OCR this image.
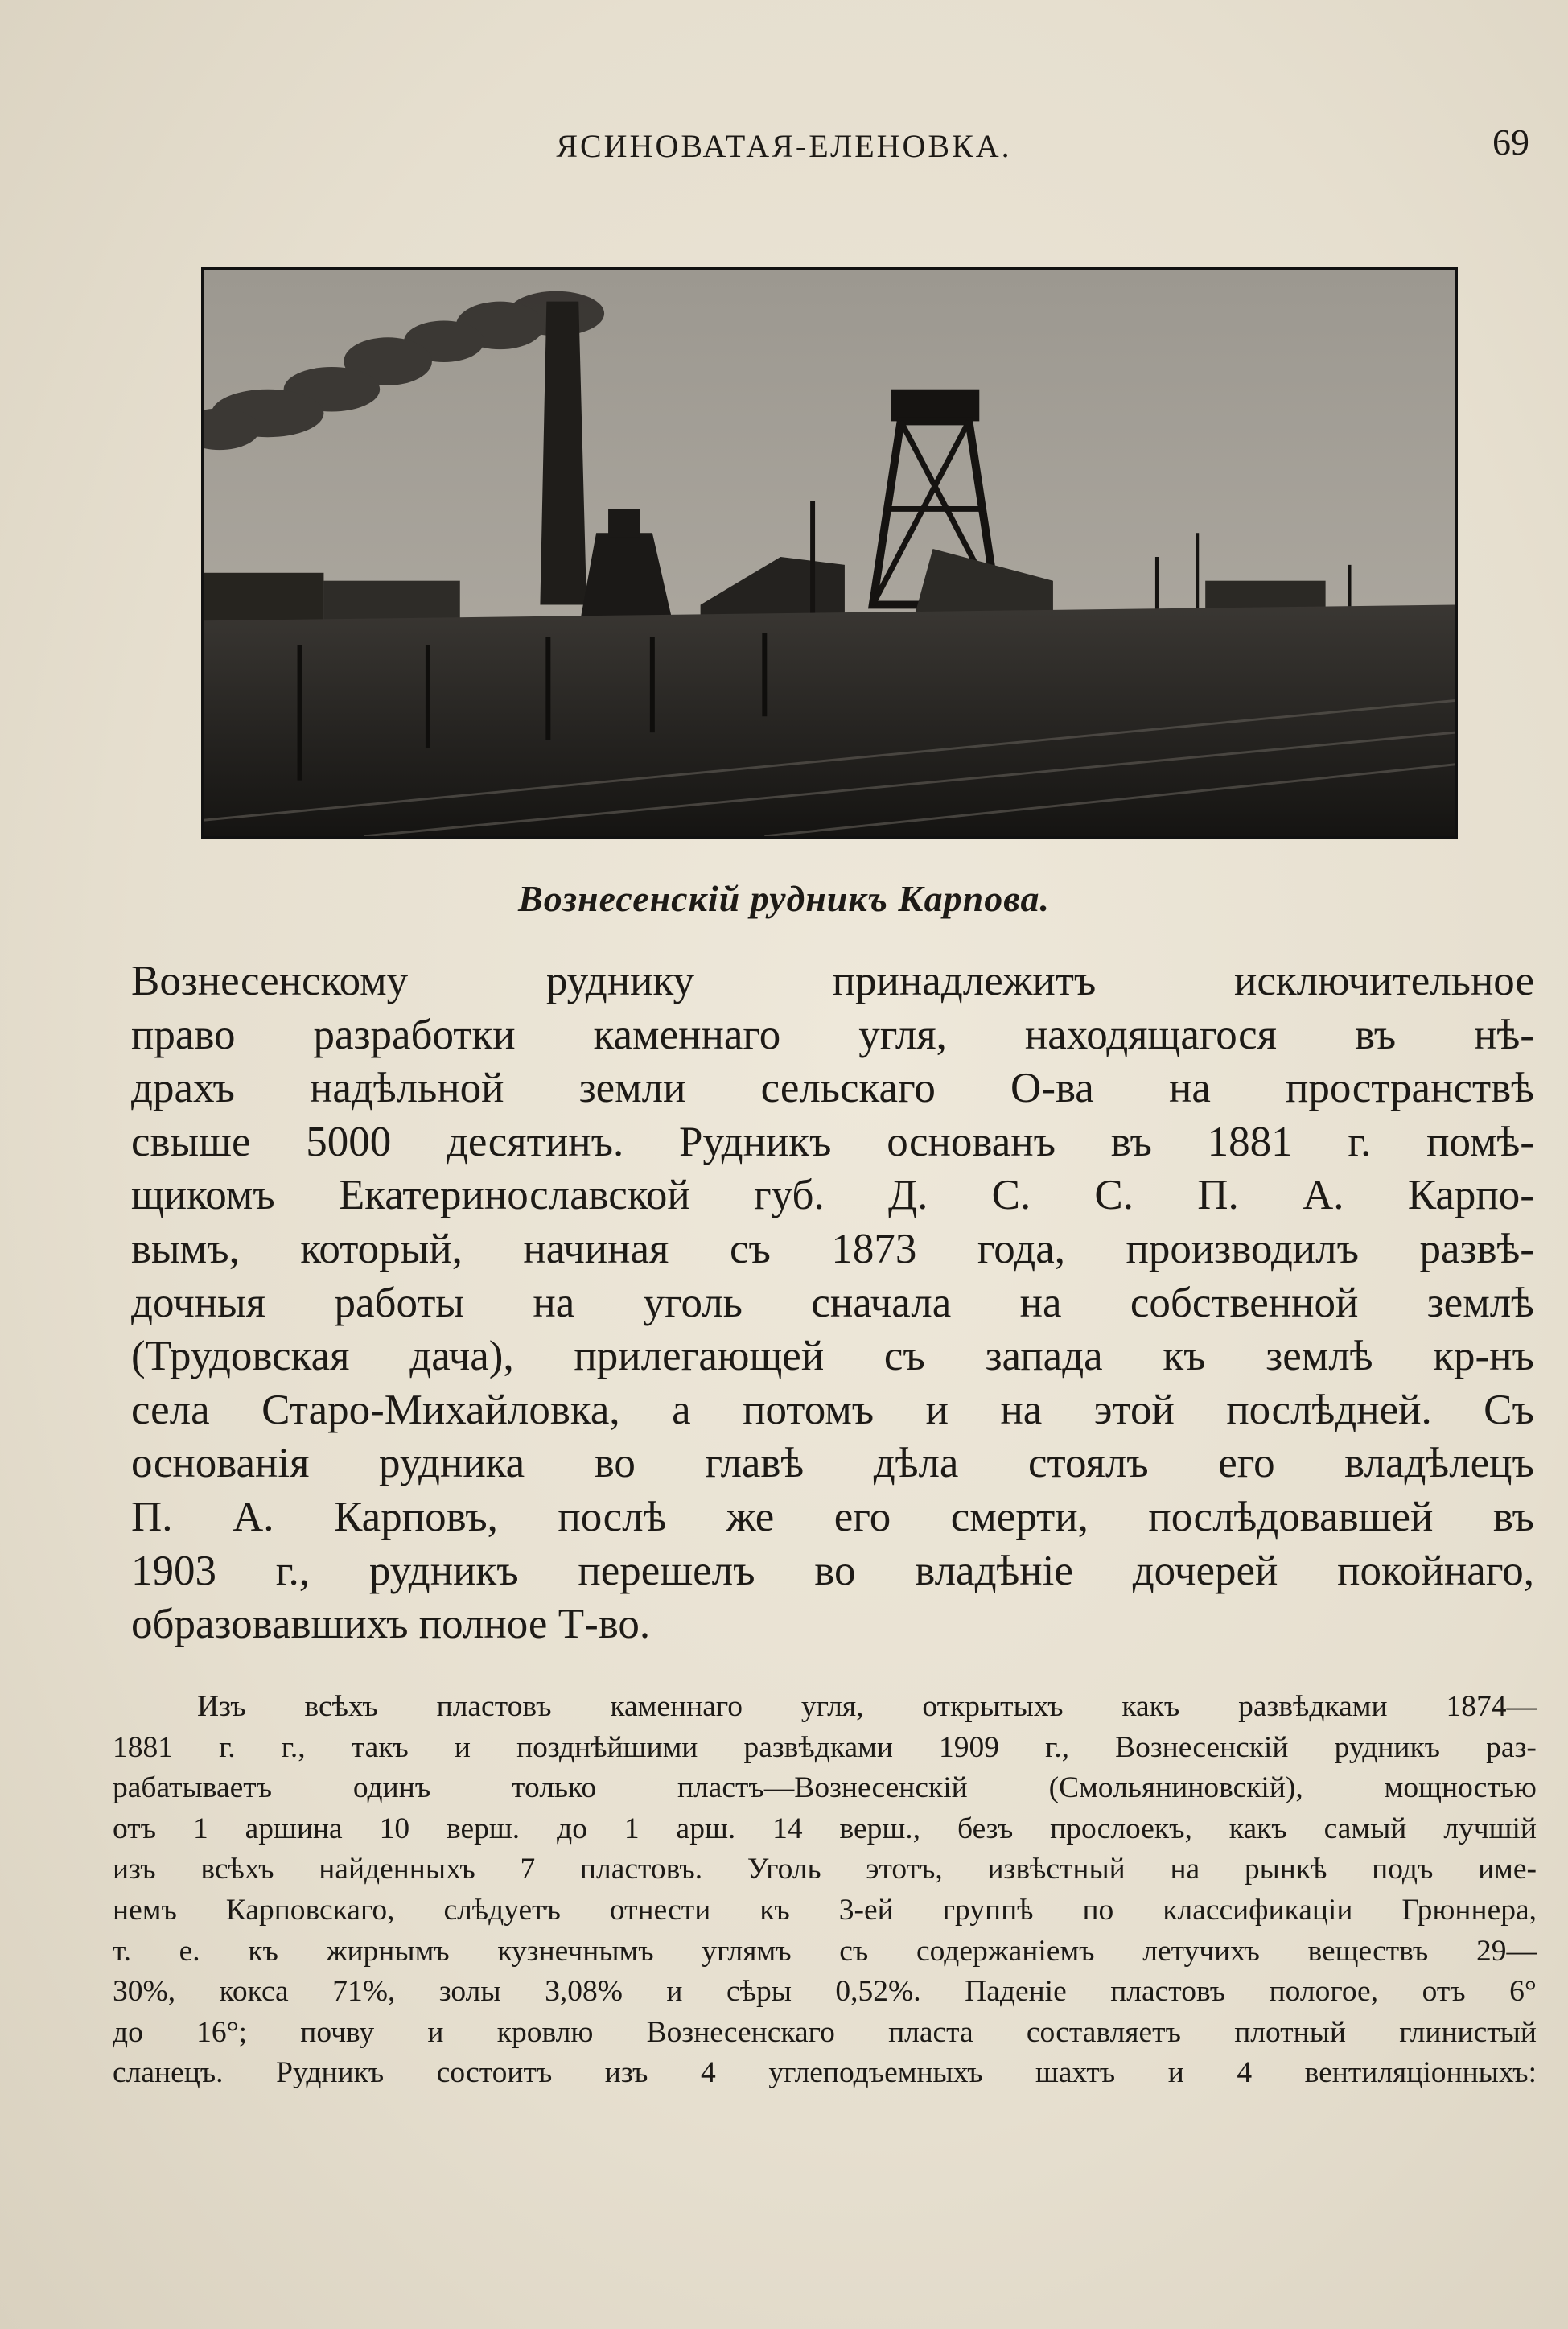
ЯСИНОВАТАЯ-ЕЛЕНОВКА.	69
Вознесенскій рудникъ Карпова.
Вознесенскому	руднику	принадлежитъ	исключительное
право разработки каменнаго угля, находящагося въ нѣ-
драхъ надѣльной земли сельскаго О-ва на пространствѣ
свыше 5000 десятинъ. Рудникъ основанъ въ 1881 г. помѣ-
щикомъ Екатеринославской губ. Д. С. С. П. А. Карпо-
вымъ, который, начиная съ 1873 года, производилъ развѣ-
дочныя работы на уголь сначала на собственной землѣ
(Трудовская дача), прилегающей съ запада къ землѣ кр-нъ
села Старо-Михайловка, а потомъ и на этой послѣдней. Съ
основанія рудника во главѣ дѣла стоялъ его владѣлецъ
П. А. Карповъ, послѣ же его смерти, послѣдовавшей въ
1903 г., рудникъ перешелъ во владѣніе дочерей покойнаго,
образовавшихъ полное Т-во.
Изъ всѣхъ пластовъ каменнаго угля, открытыхъ какъ развѣдками 1874—
1881 г. г., такъ и позднѣйшими развѣдками 1909 г., Вознесенскій рудникъ раз-
рабатываетъ	одинъ	только	пластъ—Вознесенскій	(Смольяниновскій),	мощностью
отъ 1 аршина 10 верш. до 1 арш. 14 верш., безъ прослоекъ, какъ самый лучшій
изъ всѣхъ найденныхъ 7 пластовъ. Уголь этотъ, извѣстный на рынкѣ подъ име-
немъ Карповскаго, слѣдуетъ отнести къ 3-ей группѣ по классификаціи Грюннера,
т. е. къ жирнымъ кузнечнымъ углямъ съ содержаніемъ летучихъ веществъ 29—
30%, кокса 71%, золы 3,08% и сѣры 0,52%. Паденіе пластовъ пологое, отъ 6°
до 16°; почву и кровлю Вознесенскаго пласта составляетъ плотный глинистый
сланецъ. Рудникъ состоитъ изъ 4 углеподъемныхъ шахтъ и 4 вентиляціонныхъ:
